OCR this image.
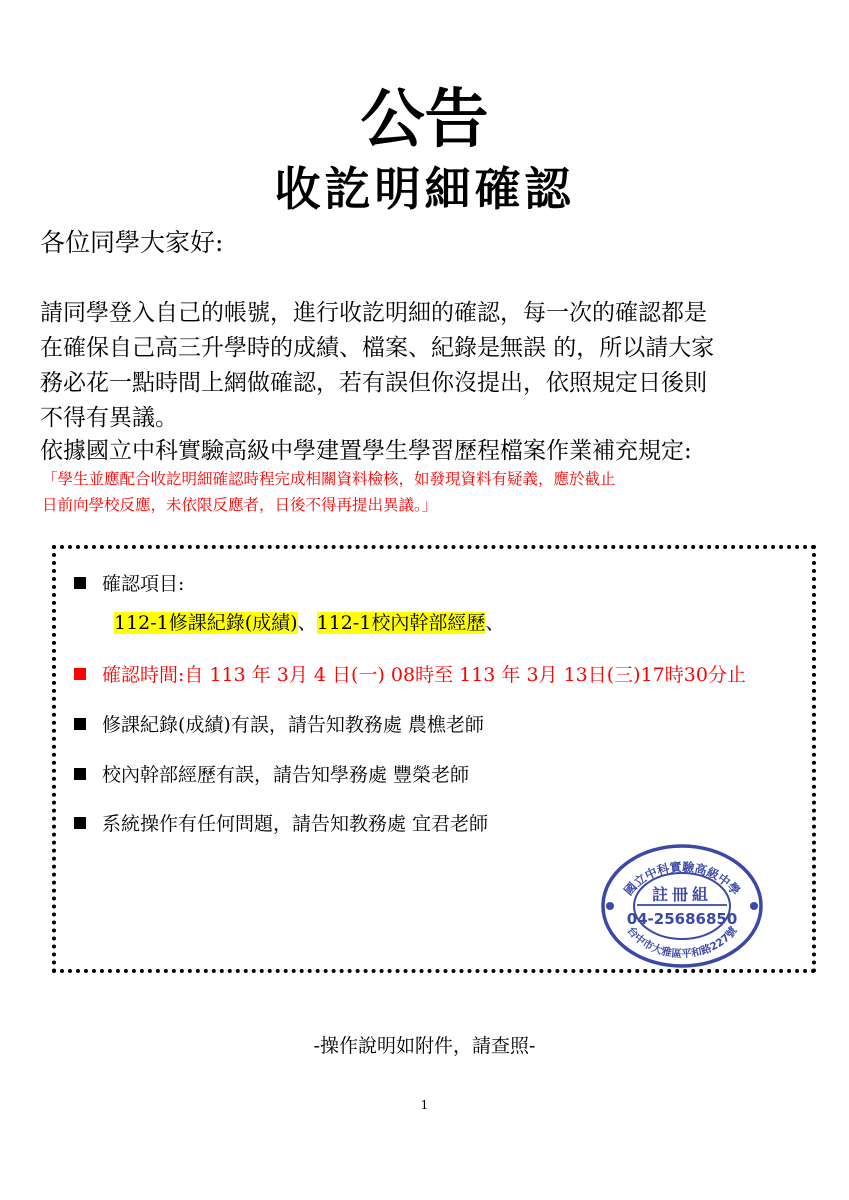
公告
收訖明細確認
各位同學大家好:
請同學登入自己的帳號，進行收訖明細的確認，每一次的確認都是
在確保自己高三升學時的成績、檔案、紀錄是無誤 的，所以請大家
務必花一點時間上網做確認，若有誤但你沒提出，依照規定日後則
不得有異議。
依據國立中科實驗高級中學建置學生學習歷程檔案作業補充規定:
「學生並應配合收訖明細確認時程完成相關資料檢核，如發現資料有疑義，應於截止
日前向學校反應，未依限反應者，日後不得再提出異議。」
確認項目:
112-1修課紀錄(成績)、112-1校內幹部經歷、
確認時間:自 113 年 3月 4 日(一) 08時至 113 年 3月 13日(三)17時30分止
修課紀錄(成績)有誤，請告知教務處 農樵老師
校內幹部經歷有誤，請告知學務處 豐榮老師
系統操作有任何問題，請告知教務處 宜君老師
國立中科實驗高級中學
台中市大雅區平和路227號
註冊組
04-25686850
-操作說明如附件，請查照-
1
